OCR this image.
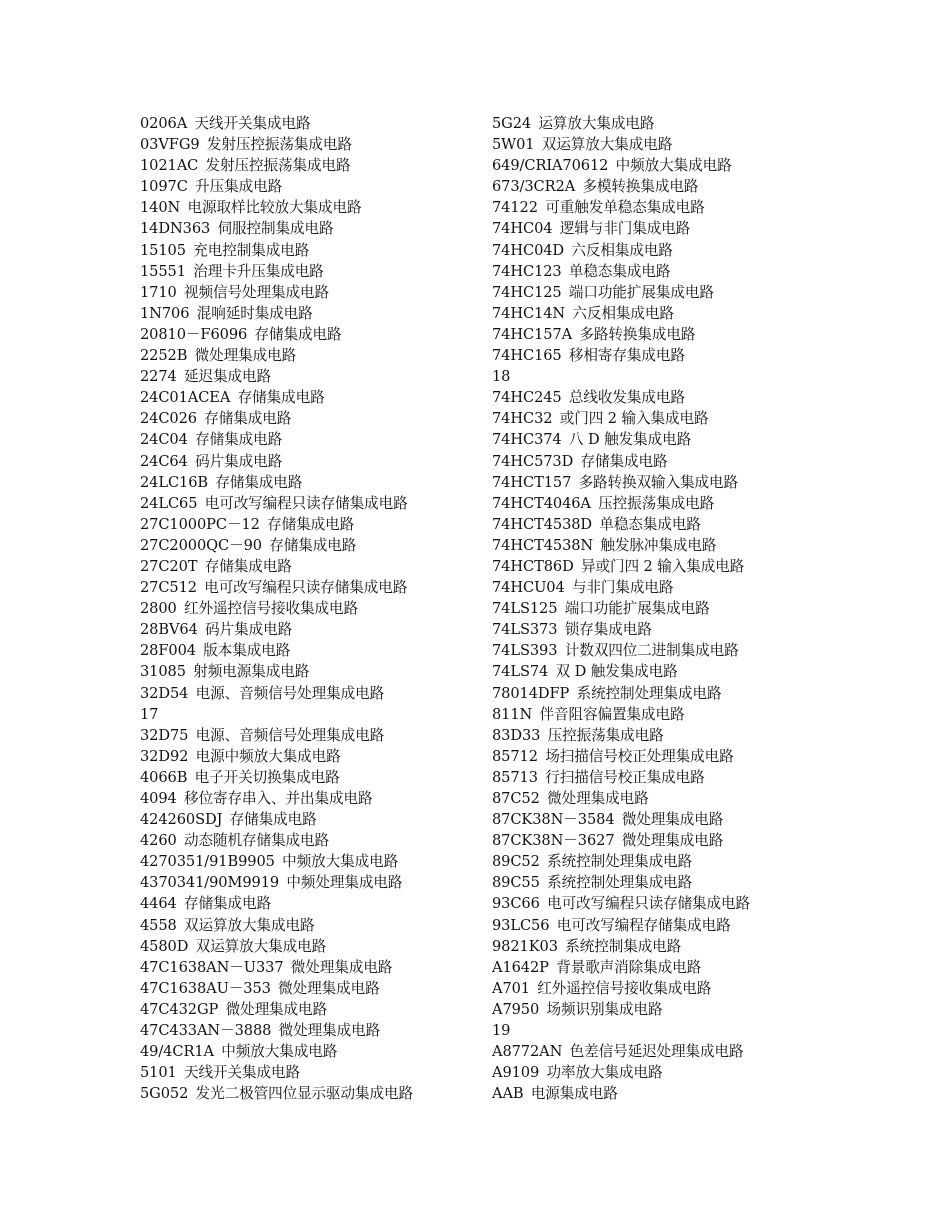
0206A 天线开关集成电路
03VFG9 发射压控振荡集成电路
1021AC 发射压控振荡集成电路
1097C 升压集成电路
140N 电源取样比较放大集成电路
14DN363 伺服控制集成电路
15105 充电控制集成电路
15551 治理卡升压集成电路
1710 视频信号处理集成电路
1N706 混响延时集成电路
20810－F6096 存储集成电路
2252B 微处理集成电路
2274 延迟集成电路
24C01ACEA 存储集成电路
24C026 存储集成电路
24C04 存储集成电路
24C64 码片集成电路
24LC16B 存储集成电路
24LC65 电可改写编程只读存储集成电路
27C1000PC－12 存储集成电路
27C2000QC－90 存储集成电路
27C20T 存储集成电路
27C512 电可改写编程只读存储集成电路
2800 红外遥控信号接收集成电路
28BV64 码片集成电路
28F004 版本集成电路
31085 射频电源集成电路
32D54 电源、音频信号处理集成电路
17
32D75 电源、音频信号处理集成电路
32D92 电源中频放大集成电路
4066B 电子开关切换集成电路
4094 移位寄存串入、并出集成电路
424260SDJ 存储集成电路
4260 动态随机存储集成电路
4270351/91B9905 中频放大集成电路
4370341/90M9919 中频处理集成电路
4464 存储集成电路
4558 双运算放大集成电路
4580D 双运算放大集成电路
47C1638AN－U337 微处理集成电路
47C1638AU－353 微处理集成电路
47C432GP 微处理集成电路
47C433AN－3888 微处理集成电路
49/4CR1A 中频放大集成电路
5101 天线开关集成电路
5G052 发光二极管四位显示驱动集成电路
5G24 运算放大集成电路
5W01 双运算放大集成电路
649/CRIA70612 中频放大集成电路
673/3CR2A 多模转换集成电路
74122 可重触发单稳态集成电路
74HC04 逻辑与非门集成电路
74HC04D 六反相集成电路
74HC123 单稳态集成电路
74HC125 端口功能扩展集成电路
74HC14N 六反相集成电路
74HC157A 多路转换集成电路
74HC165 移相寄存集成电路
18
74HC245 总线收发集成电路
74HC32 或门四 2 输入集成电路
74HC374 八 D 触发集成电路
74HC573D 存储集成电路
74HCT157 多路转换双输入集成电路
74HCT4046A 压控振荡集成电路
74HCT4538D 单稳态集成电路
74HCT4538N 触发脉冲集成电路
74HCT86D 异或门四 2 输入集成电路
74HCU04 与非门集成电路
74LS125 端口功能扩展集成电路
74LS373 锁存集成电路
74LS393 计数双四位二进制集成电路
74LS74 双 D 触发集成电路
78014DFP 系统控制处理集成电路
811N 伴音阻容偏置集成电路
83D33 压控振荡集成电路
85712 场扫描信号校正处理集成电路
85713 行扫描信号校正集成电路
87C52 微处理集成电路
87CK38N－3584 微处理集成电路
87CK38N－3627 微处理集成电路
89C52 系统控制处理集成电路
89C55 系统控制处理集成电路
93C66 电可改写编程只读存储集成电路
93LC56 电可改写编程存储集成电路
9821K03 系统控制集成电路
A1642P 背景歌声消除集成电路
A701 红外遥控信号接收集成电路
A7950 场频识别集成电路
19
A8772AN 色差信号延迟处理集成电路
A9109 功率放大集成电路
AAB 电源集成电路
